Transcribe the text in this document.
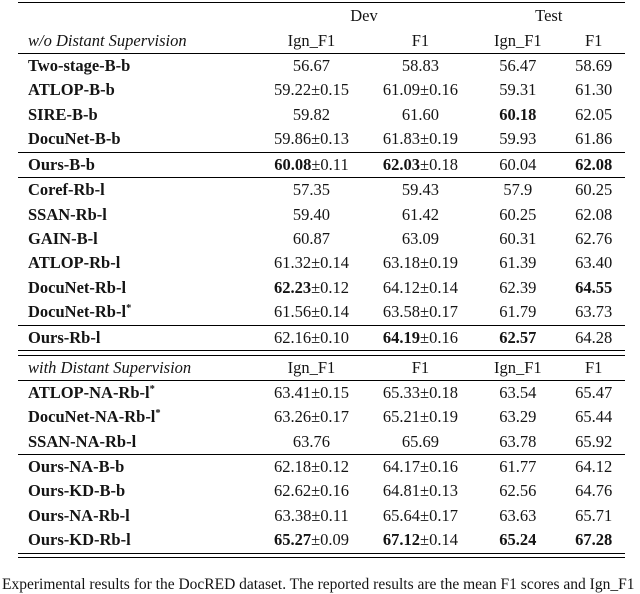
Dev	Test
w/o Distant Supervision	Ign_F1	F1	Ign_F1	F1
Two-stage-B-b	56.67	58.83	56.47	58.69
ATLOP-B-b	59.22±0.15	61.09±0.16	59.31	61.30
SIRE-B-b	59.82	61.60	60.18	62.05
DocuNet-B-b	59.86±0.13	61.83±0.19	59.93	61.86
Ours-B-b	60.08±0.11	62.03±0.18	60.04	62.08
Coref-Rb-l	57.35	59.43	57.9	60.25
SSAN-Rb-l	59.40	61.42	60.25	62.08
GAIN-B-l	60.87	63.09	60.31	62.76
ATLOP-Rb-l	61.32±0.14	63.18±0.19	61.39	63.40
DocuNet-Rb-l	62.23±0.12	64.12±0.14	62.39	64.55
DocuNet-Rb-l*	61.56±0.14	63.58±0.17	61.79	63.73
Ours-Rb-l	62.16±0.10	64.19±0.16	62.57	64.28
with Distant Supervision	Ign_F1	F1	Ign_F1	F1
ATLOP-NA-Rb-l*	63.41±0.15	65.33±0.18	63.54	65.47
DocuNet-NA-Rb-l*	63.26±0.17	65.21±0.19	63.29	65.44
SSAN-NA-Rb-l	63.76	65.69	63.78	65.92
Ours-NA-B-b	62.18±0.12	64.17±0.16	61.77	64.12
Ours-KD-B-b	62.62±0.16	64.81±0.13	62.56	64.76
Ours-NA-Rb-l	63.38±0.11	65.64±0.17	63.63	65.71
Ours-KD-Rb-l	65.27±0.09	67.12±0.14	65.24	67.28
Experimental results for the DocRED dataset. The reported results are the mean F1 scores and Ign_F1
